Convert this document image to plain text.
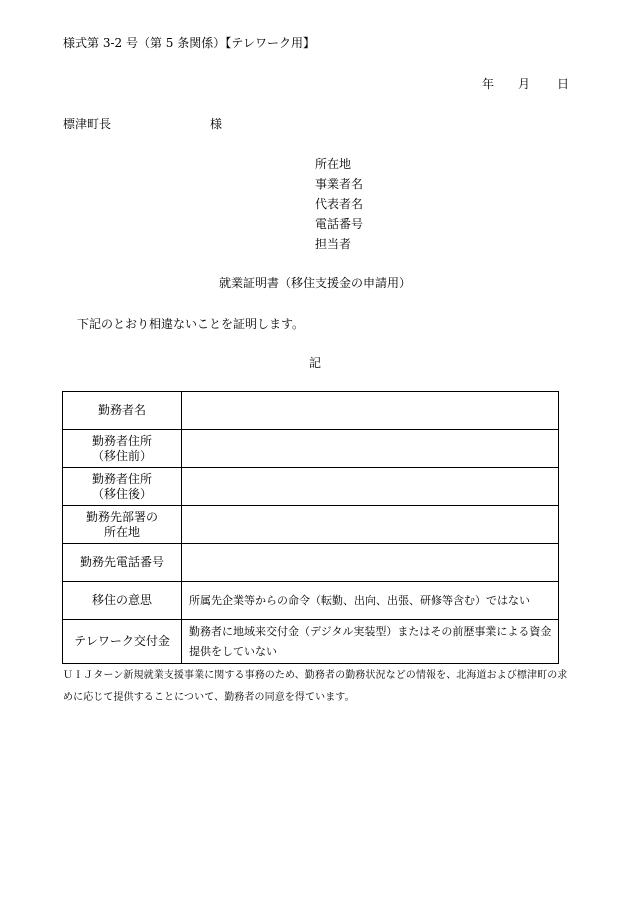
様式第 3-2 号（第 5 条関係）【テレワーク用】
年 月 日
標津町長	様
所在地
事業者名
代表者名
電話番号
担当者
就業証明書（移住支援金の申請用）
下記のとおり相違ないことを証明します。
記
勤務者名	

勤務者住所
（移住前）	

勤務者住所
（移住後）	

勤務先部署の
所在地	

勤務先電話番号	

移住の意思	所属先企業等からの命令（転勤、出向、出張、研修等含む）ではない

テレワーク交付金	勤務者に地域来交付金（デジタル実装型）またはその前歴事業による資金
提供をしていない
ＵＩＪターン新規就業支援事業に関する事務のため、勤務者の勤務状況などの情報を、北海道および標津町の求めに応じて提供することについて、勤務者の同意を得ています。
